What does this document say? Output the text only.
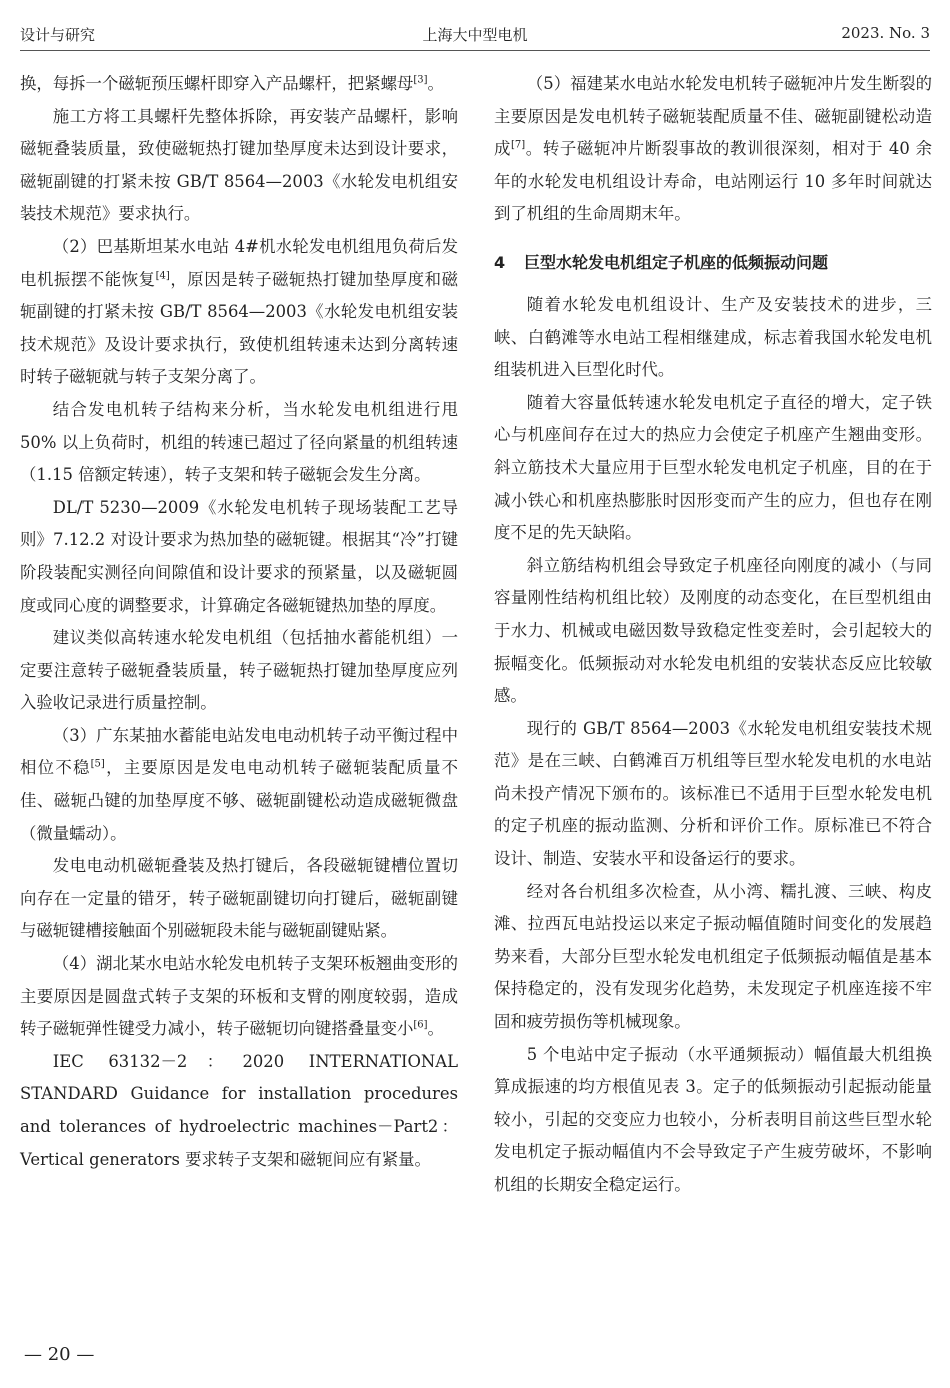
设计与研究	上海大中型电机	2023. No. 3

换，每拆一个磁轭预压螺杆即穿入产品螺杆，把紧螺母[3]。

施工方将工具螺杆先整体拆除，再安装产品螺杆，影响磁轭叠装质量，致使磁轭热打键加垫厚度未达到设计要求，磁轭副键的打紧未按 GB/T 8564—2003《水轮发电机组安装技术规范》要求执行。

（2）巴基斯坦某水电站 4#机水轮发电机组甩负荷后发电机振摆不能恢复[4]，原因是转子磁轭热打键加垫厚度和磁轭副键的打紧未按 GB/T 8564—2003《水轮发电机组安装技术规范》及设计要求执行，致使机组转速未达到分离转速时转子磁轭就与转子支架分离了。

结合发电机转子结构来分析，当水轮发电机组进行甩 50% 以上负荷时，机组的转速已超过了径向紧量的机组转速（1.15 倍额定转速），转子支架和转子磁轭会发生分离。

DL/T 5230—2009《水轮发电机转子现场装配工艺导则》7.12.2 对设计要求为热加垫的磁轭键。根据其“冷”打键阶段装配实测径向间隙值和设计要求的预紧量，以及磁轭圆度或同心度的调整要求，计算确定各磁轭键热加垫的厚度。

建议类似高转速水轮发电机组（包括抽水蓄能机组）一定要注意转子磁轭叠装质量，转子磁轭热打键加垫厚度应列入验收记录进行质量控制。

（3）广东某抽水蓄能电站发电电动机转子动平衡过程中相位不稳[5]，主要原因是发电电动机转子磁轭装配质量不佳、磁轭凸键的加垫厚度不够、磁轭副键松动造成磁轭微盘（微量蠕动）。

发电电动机磁轭叠装及热打键后，各段磁轭键槽位置切向存在一定量的错牙，转子磁轭副键切向打键后，磁轭副键与磁轭键槽接触面个别磁轭段未能与磁轭副键贴紧。

（4）湖北某水电站水轮发电机转子支架环板翘曲变形的主要原因是圆盘式转子支架的环板和支臂的刚度较弱，造成转子磁轭弹性键受力减小，转子磁轭切向键搭叠量变小[6]。

IEC 63132－2：2020 INTERNATIONAL STANDARD Guidance for installation procedures and tolerances of hydroelectric machines－Part2：Vertical generators 要求转子支架和磁轭间应有紧量。

（5）福建某水电站水轮发电机转子磁轭冲片发生断裂的主要原因是发电机转子磁轭装配质量不佳、磁轭副键松动造成[7]。转子磁轭冲片断裂事故的教训很深刻，相对于 40 余年的水轮发电机组设计寿命，电站刚运行 10 多年时间就达到了机组的生命周期末年。

4 巨型水轮发电机组定子机座的低频振动问题

随着水轮发电机组设计、生产及安装技术的进步，三峡、白鹤滩等水电站工程相继建成，标志着我国水轮发电机组装机进入巨型化时代。

随着大容量低转速水轮发电机定子直径的增大，定子铁心与机座间存在过大的热应力会使定子机座产生翘曲变形。斜立筋技术大量应用于巨型水轮发电机定子机座，目的在于减小铁心和机座热膨胀时因形变而产生的应力，但也存在刚度不足的先天缺陷。

斜立筋结构机组会导致定子机座径向刚度的减小（与同容量刚性结构机组比较）及刚度的动态变化，在巨型机组由于水力、机械或电磁因数导致稳定性变差时，会引起较大的振幅变化。低频振动对水轮发电机组的安装状态反应比较敏感。

现行的 GB/T 8564—2003《水轮发电机组安装技术规范》是在三峡、白鹤滩百万机组等巨型水轮发电机的水电站尚未投产情况下颁布的。该标准已不适用于巨型水轮发电机的定子机座的振动监测、分析和评价工作。原标准已不符合设计、制造、安装水平和设备运行的要求。

经对各台机组多次检查，从小湾、糯扎渡、三峡、构皮滩、拉西瓦电站投运以来定子振动幅值随时间变化的发展趋势来看，大部分巨型水轮发电机组定子低频振动幅值是基本保持稳定的，没有发现劣化趋势，未发现定子机座连接不牢固和疲劳损伤等机械现象。

5 个电站中定子振动（水平通频振动）幅值最大机组换算成振速的均方根值见表 3。定子的低频振动引起振动能量较小，引起的交变应力也较小，分析表明目前这些巨型水轮发电机定子振动幅值内不会导致定子产生疲劳破坏，不影响机组的长期安全稳定运行。

— 20 —
